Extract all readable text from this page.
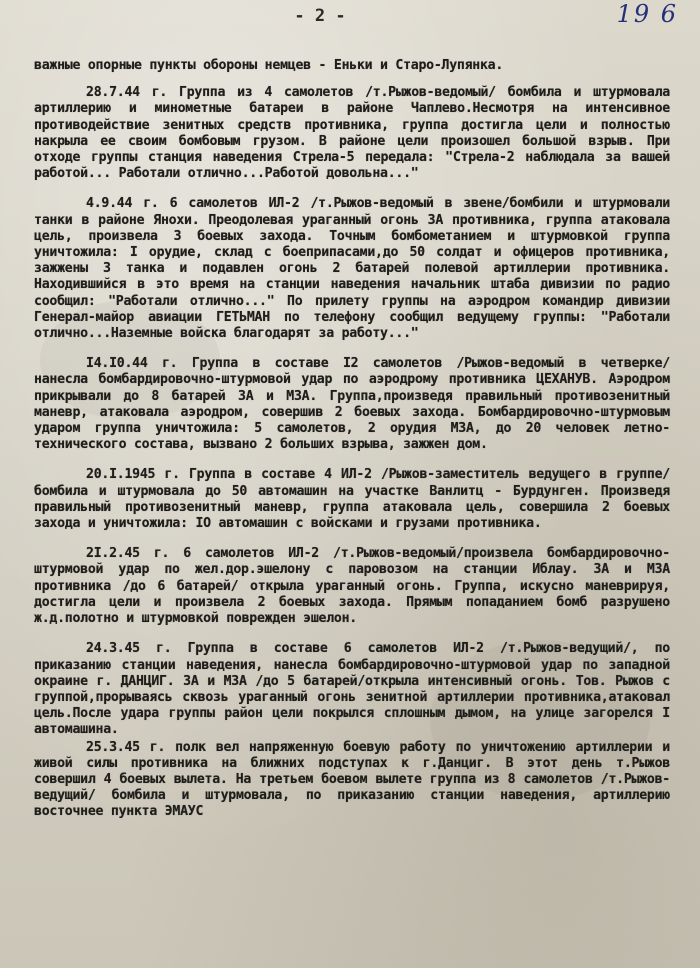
- 2 -	19 6

важные опорные пункты обороны немцев - Еньки и Старо-Лупянка.

28.7.44 г. Группа из 4 самолетов /т.Рыжов-ведомый/ бомбила и штурмовала артиллерию и минометные батареи в районе Чаплево.Несмотря на интенсивное противодействие зенитных средств противника, группа достигла цели и полностью накрыла ее своим бомбовым грузом. В районе цели произошел большой взрыв. При отходе группы станция наведения Стрела-5 передала: "Стрела-2 наблюдала за вашей работой... Работали отлично...Работой довольна..."

4.9.44 г. 6 самолетов ИЛ-2 /т.Рыжов-ведомый в звене/бомбили и штурмовали танки в районе Янохи. Преодолевая ураганный огонь ЗА противника, группа атаковала цель, произвела 3 боевых захода. Точным бомбометанием и штурмовкой группа уничтожила: I орудие, склад с боеприпасами,до 50 солдат и офицеров противника, зажжены 3 танка и подавлен огонь 2 батарей полевой артиллерии противника. Находившийся в это время на станции наведения начальник штаба дивизии по радио сообщил: "Работали отлично..." По прилету группы на аэродром командир дивизии Генерал-майор авиации ГЕТЬМАН по телефону сообщил ведущему группы: "Работали отлично...Наземные войска благодарят за работу..."

I4.I0.44 г. Группа в составе I2 самолетов /Рыжов-ведомый в четверке/ нанесла бомбардировочно-штурмовой удар по аэродрому противника ЦЕХАНУВ. Аэродром прикрывали до 8 батарей ЗА и МЗА. Группа,произведя правильный противозенитный маневр, атаковала аэродром, совершив 2 боевых захода. Бомбардировочно-штурмовым ударом группа уничтожила: 5 самолетов, 2 орудия МЗА, до 20 человек летно-технического состава, вызвано 2 больших взрыва, зажжен дом.

20.I.1945 г. Группа в составе 4 ИЛ-2 /Рыжов-заместитель ведущего в группе/ бомбила и штурмовала до 50 автомашин на участке Ванлитц - Бурдунген. Произведя правильный противозенитный маневр, группа атаковала цель, совершила 2 боевых захода и уничтожила: IO автомашин с войсками и грузами противника.

2I.2.45 г. 6 самолетов ИЛ-2 /т.Рыжов-ведомый/произвела бомбардировочно-штурмовой удар по жел.дор.эшелону с паровозом на станции Иблау. ЗА и МЗА противника /до 6 батарей/ открыла ураганный огонь. Группа, искусно маневрируя, достигла цели и произвела 2 боевых захода. Прямым попаданием бомб разрушено ж.д.полотно и штурмовкой поврежден эшелон.

24.3.45 г. Группа в составе 6 самолетов ИЛ-2 /т.Рыжов-ведущий/, по приказанию станции наведения, нанесла бомбардировочно-штурмовой удар по западной окраине г. ДАНЦИГ. ЗА и МЗА /до 5 батарей/открыла интенсивный огонь. Тов. Рыжов с группой,прорываясь сквозь ураганный огонь зенитной артиллерии противника,атаковал цель.После удара группы район цели покрылся сплошным дымом, на улице загорелся I автомашина.

25.3.45 г. полк вел напряженную боевую работу по уничтожению артиллерии и живой силы противника на ближних подступах к г.Данциг. В этот день т.Рыжов совершил 4 боевых вылета. На третьем боевом вылете группа из 8 самолетов /т.Рыжов-ведущий/ бомбила и штурмовала, по приказанию станции наведения, артиллерию восточнее пункта ЭМАУС
